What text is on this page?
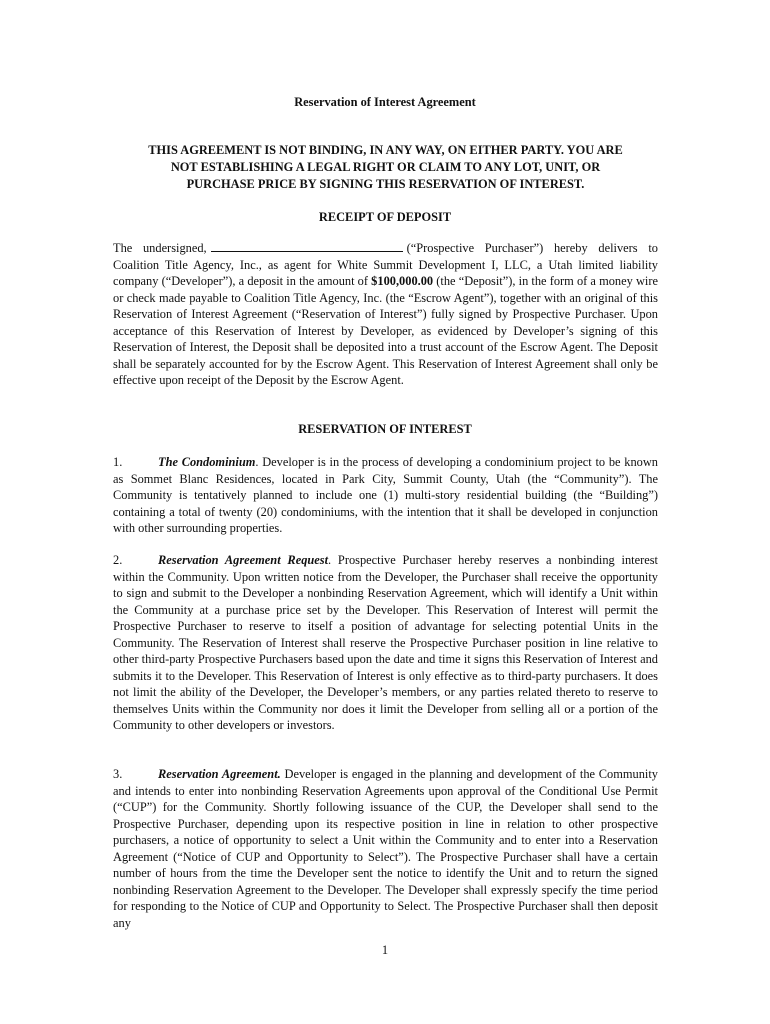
Reservation of Interest Agreement
THIS AGREEMENT IS NOT BINDING, IN ANY WAY, ON EITHER PARTY. YOU ARE
NOT ESTABLISHING A LEGAL RIGHT OR CLAIM TO ANY LOT, UNIT, OR
PURCHASE PRICE BY SIGNING THIS RESERVATION OF INTEREST.
RECEIPT OF DEPOSIT
The undersigned,	(“Prospective Purchaser”) hereby delivers to Coalition Title Agency, Inc., as agent for White Summit Development I, LLC, a Utah limited liability company (“Developer”), a deposit in the amount of $100,000.00 (the “Deposit”), in the form of a money wire or check made payable to Coalition Title Agency, Inc. (the “Escrow Agent”), together with an original of this Reservation of Interest Agreement (“Reservation of Interest”) fully signed by Prospective Purchaser. Upon acceptance of this Reservation of Interest by Developer, as evidenced by Developer’s signing of this Reservation of Interest, the Deposit shall be deposited into a trust account of the Escrow Agent. The Deposit shall be separately accounted for by the Escrow Agent. This Reservation of Interest Agreement shall only be effective upon receipt of the Deposit by the Escrow Agent.
RESERVATION OF INTEREST
1.	The Condominium. Developer is in the process of developing a condominium project to be known as Sommet Blanc Residences, located in Park City, Summit County, Utah (the “Community”). The Community is tentatively planned to include one (1) multi-story residential building (the “Building”) containing a total of twenty (20) condominiums, with the intention that it shall be developed in conjunction with other surrounding properties.
2.	Reservation Agreement Request. Prospective Purchaser hereby reserves a nonbinding interest within the Community. Upon written notice from the Developer, the Purchaser shall receive the opportunity to sign and submit to the Developer a nonbinding Reservation Agreement, which will identify a Unit within the Community at a purchase price set by the Developer. This Reservation of Interest will permit the Prospective Purchaser to reserve to itself a position of advantage for selecting potential Units in the Community. The Reservation of Interest shall reserve the Prospective Purchaser position in line relative to other third-party Prospective Purchasers based upon the date and time it signs this Reservation of Interest and submits it to the Developer. This Reservation of Interest is only effective as to third-party purchasers. It does not limit the ability of the Developer, the Developer’s members, or any parties related thereto to reserve to themselves Units within the Community nor does it limit the Developer from selling all or a portion of the Community to other developers or investors.
3.	Reservation Agreement. Developer is engaged in the planning and development of the Community and intends to enter into nonbinding Reservation Agreements upon approval of the Conditional Use Permit (“CUP”) for the Community. Shortly following issuance of the CUP, the Developer shall send to the Prospective Purchaser, depending upon its respective position in line in relation to other prospective purchasers, a notice of opportunity to select a Unit within the Community and to enter into a Reservation Agreement (“Notice of CUP and Opportunity to Select”). The Prospective Purchaser shall have a certain number of hours from the time the Developer sent the notice to identify the Unit and to return the signed nonbinding Reservation Agreement to the Developer. The Developer shall expressly specify the time period for responding to the Notice of CUP and Opportunity to Select. The Prospective Purchaser shall then deposit any
1
